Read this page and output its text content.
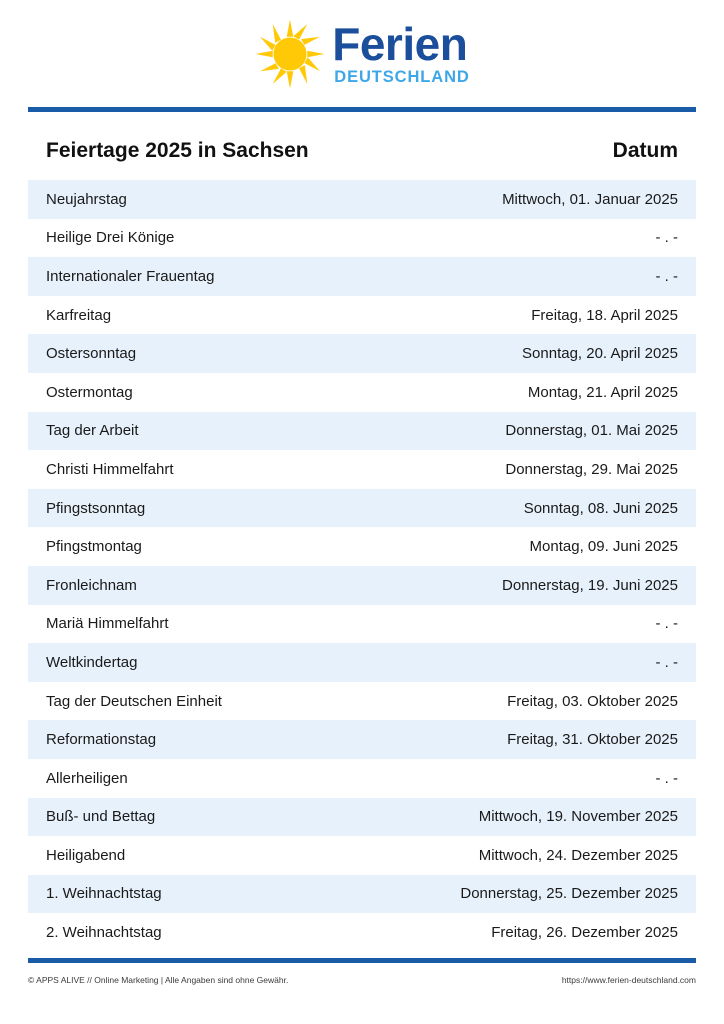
Ferien
DEUTSCHLAND
Feiertage 2025 in Sachsen	Datum
Neujahrstag	Mittwoch, 01. Januar 2025
Heilige Drei Könige	- . -
Internationaler Frauentag	- . -
Karfreitag	Freitag, 18. April 2025
Ostersonntag	Sonntag, 20. April 2025
Ostermontag	Montag, 21. April 2025
Tag der Arbeit	Donnerstag, 01. Mai 2025
Christi Himmelfahrt	Donnerstag, 29. Mai 2025
Pfingstsonntag	Sonntag, 08. Juni 2025
Pfingstmontag	Montag, 09. Juni 2025
Fronleichnam	Donnerstag, 19. Juni 2025
Mariä Himmelfahrt	- . -
Weltkindertag	- . -
Tag der Deutschen Einheit	Freitag, 03. Oktober 2025
Reformationstag	Freitag, 31. Oktober 2025
Allerheiligen	- . -
Buß- und Bettag	Mittwoch, 19. November 2025
Heiligabend	Mittwoch, 24. Dezember 2025
1. Weihnachtstag	Donnerstag, 25. Dezember 2025
2. Weihnachtstag	Freitag, 26. Dezember 2025
© APPS ALIVE // Online Marketing | Alle Angaben sind ohne Gewähr.	https://www.ferien-deutschland.com
